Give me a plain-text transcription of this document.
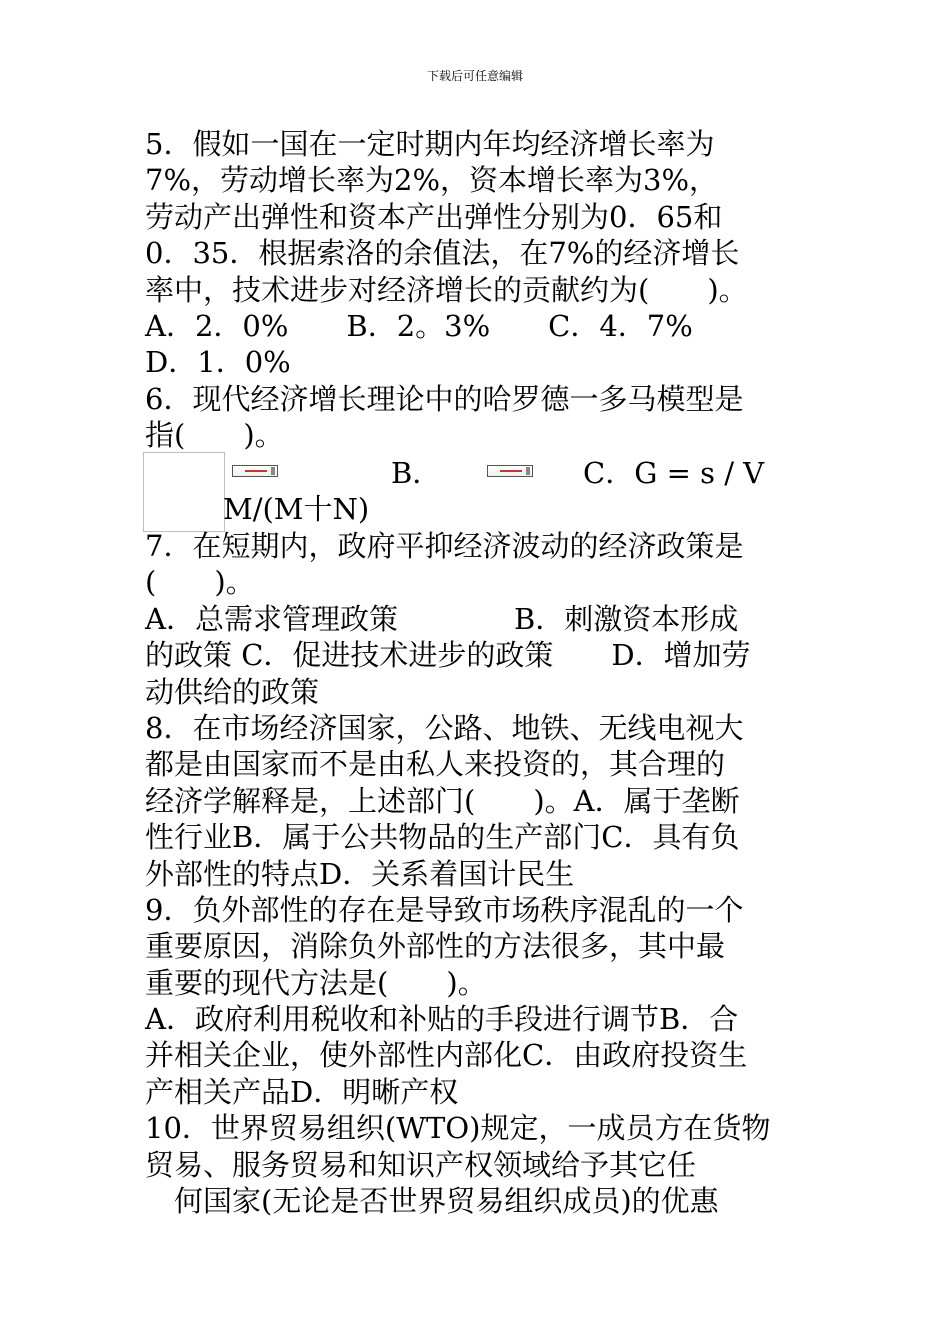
下载后可任意编辑
5．假如一国在一定时期内年均经济增长率为
7%，劳动增长率为2%，资本增长率为3%，
劳动产出弹性和资本产出弹性分别为0．65和
0．35．根据索洛的余值法，在7%的经济增长
率中，技术进步对经济增长的贡献约为(　　)。
A．2．0%　　B．2。3%　　C．4．7%
D．1．0%
6．现代经济增长理论中的哈罗德一多马模型是
指(　　)。
B．	C．G = s / V
M/(M十N)
7．在短期内，政府平抑经济波动的经济政策是
(　　)。
A．总需求管理政策　　　　B．刺激资本形成
的政策 C．促进技术进步的政策　　D．增加劳
动供给的政策
8．在市场经济国家，公路、地铁、无线电视大
都是由国家而不是由私人来投资的，其合理的
经济学解释是，上述部门(　　)。A．属于垄断
性行业B．属于公共物品的生产部门C．具有负
外部性的特点D．关系着国计民生
9．负外部性的存在是导致市场秩序混乱的一个
重要原因，消除负外部性的方法很多，其中最
重要的现代方法是(　　)。
A．政府利用税收和补贴的手段进行调节B．合
并相关企业，使外部性内部化C．由政府投资生
产相关产品D．明晰产权
10．世界贸易组织(WTO)规定，一成员方在货物
贸易、服务贸易和知识产权领域给予其它任
　何国家(无论是否世界贸易组织成员)的优惠
